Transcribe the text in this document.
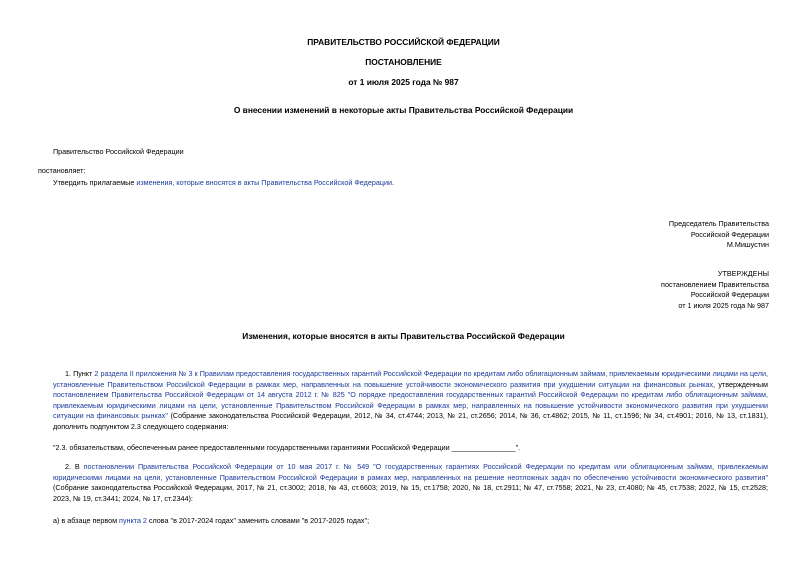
ПРАВИТЕЛЬСТВО РОССИЙСКОЙ ФЕДЕРАЦИИ
ПОСТАНОВЛЕНИЕ
от 1 июля 2025 года № 987
О внесении изменений в некоторые акты Правительства Российской Федерации
Правительство Российской Федерации
постановляет:
Утвердить прилагаемые изменения, которые вносятся в акты Правительства Российской Федерации.
Председатель Правительства
Российской Федерации
М.Мишустин
УТВЕРЖДЕНЫ
постановлением Правительства
Российской Федерации
от 1 июля 2025 года № 987
Изменения, которые вносятся в акты Правительства Российской Федерации
1. Пункт 2 раздела II приложения № 3 к Правилам предоставления государственных гарантий Российской Федерации по кредитам либо облигационным займам, привлекаемым юридическими лицами на цели, установленные Правительством Российской Федерации в рамках мер, направленных на повышение устойчивости экономического развития при ухудшении ситуации на финансовых рынках, утвержденным постановлением Правительства Российской Федерации от 14 августа 2012 г. № 825 "О порядке предоставления государственных гарантий Российской Федерации по кредитам либо облигационным займам, привлекаемым юридическими лицами на цели, установленные Правительством Российской Федерации в рамках мер, направленных на повышение устойчивости экономического развития при ухудшении ситуации на финансовых рынках" (Собрание законодательства Российской Федерации, 2012, № 34, ст.4744; 2013, № 21, ст.2656; 2014, № 36, ст.4862; 2015, № 11, ст.1596; № 34, ст.4901; 2016, № 13, ст.1831), дополнить подпунктом 2.3 следующего содержания:
"2.3. обязательствам, обеспеченным ранее предоставленными государственными гарантиями Российской Федерации ________________".
2. В постановлении Правительства Российской Федерации от 10 мая 2017 г. № 549 "О государственных гарантиях Российской Федерации по кредитам или облигационным займам, привлекаемым юридическими лицами на цели, установленные Правительством Российской Федерации в рамках мер, направленных на решение неотложных задач по обеспечению устойчивости экономического развития" (Собрание законодательства Российской Федерации, 2017, № 21, ст.3002; 2018, № 43, ст.6603; 2019, № 15, ст.1758; 2020, № 18, ст.2911; № 47, ст.7558; 2021, № 23, ст.4080; № 45, ст.7538; 2022, № 15, ст.2528; 2023, № 19, ст.3441; 2024, № 17, ст.2344):
а) в абзаце первом пункта 2 слова "в 2017-2024 годах" заменить словами "в 2017-2025 годах";
